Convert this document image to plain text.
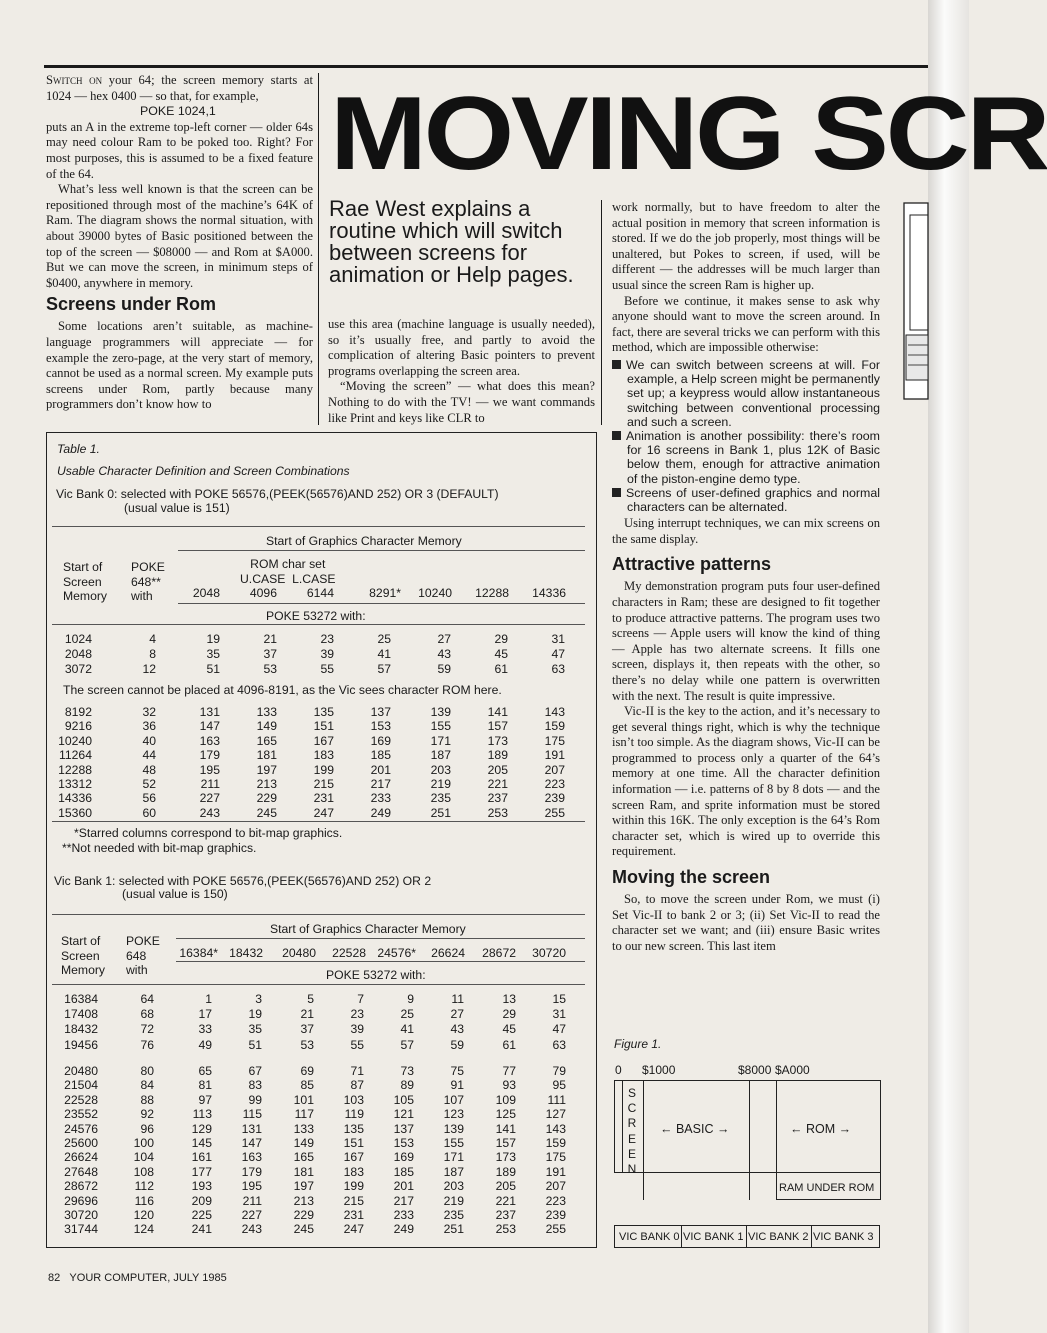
MOVING SCR

Switch on your 64; the screen memory starts at 1024 — hex 0400 — so that, for example,

POKE 1024,1

puts an A in the extreme top-left corner — older 64s may need colour Ram to be poked too. Right? For most purposes, this is assumed to be a fixed feature of the 64.

What’s less well known is that the screen can be repositioned through most of the machine’s 64K of Ram. The diagram shows the normal situation, with about 39000 bytes of Basic positioned between the top of the screen — $08000 — and Rom at $A000. But we can move the screen, in minimum steps of $0400, anywhere in memory.

Screens under Rom

Some locations aren’t suitable, as machine-language programmers will appreciate — for example the zero-page, at the very start of memory, cannot be used as a normal screen. My example puts screens under Rom, partly because many programmers don’t know how to

Rae West explains a routine which will switch between screens for animation or Help pages.

use this area (machine language is usually needed), so it’s usually free, and partly to avoid the complication of altering Basic pointers to prevent programs overlapping the screen area.

“Moving the screen” — what does this mean? Nothing to do with the TV! — we want commands like Print and keys like CLR to

work normally, but to have freedom to alter the actual position in memory that screen information is stored. If we do the job properly, most things will be unaltered, but Pokes to screen, if used, will be different — the addresses will be much larger than usual since the screen Ram is higher up.

Before we continue, it makes sense to ask why anyone should want to move the screen around. In fact, there are several tricks we can perform with this method, which are impossible otherwise:

We can switch between screens at will. For example, a Help screen might be permanently set up; a keypress would allow instantaneous switching between conventional processing and such a screen.
Animation is another possibility: there’s room for 16 screens in Bank 1, plus 12K of Basic below them, enough for attractive animation of the piston-engine demo type.
Screens of user-defined graphics and normal characters can be alternated.

Using interrupt techniques, we can mix screens on the same display.

Attractive patterns

My demonstration program puts four user-defined characters in Ram; these are designed to fit together to produce attractive patterns. The program uses two screens — Apple users will know the kind of thing — Apple has two alternate screens. It fills one screen, displays it, then repeats with the other, so there’s no delay while one pattern is overwritten with the next. The result is quite impressive.

Vic-II is the key to the action, and it’s necessary to get several things right, which is why the technique isn’t too simple. As the diagram shows, Vic-II can be programmed to process only a quarter of the 64’s memory at one time. All the character definition information — i.e. patterns of 8 by 8 dots — and the screen Ram, and sprite information must be stored within this 16K. The only exception is the 64’s Rom character set, which is wired up to override this requirement.

Moving the screen

So, to move the screen under Rom, we must (i) Set Vic-II to bank 2 or 3; (ii) Set Vic-II to read the character set we want; and (iii) ensure Basic writes to our new screen. This last item

Table 1.
Usable Character Definition and Screen Combinations
Vic Bank 0: selected with POKE 56576,(PEEK(56576)AND 252) OR 3 (DEFAULT)
(usual value is 151)
Start of Graphics Character Memory
Start of
Screen
Memory
POKE
648**
with
ROM char set
U.CASE  L.CASE
2048 4096 6144	8291* 10240 12288 14336
POKE 53272 with:
1024	4	19	21	23	25	27	29	31
2048	8	35	37	39	41	43	45	47
3072	12	51	53	55	57	59	61	63
The screen cannot be placed at 4096-8191, as the Vic sees character ROM here.
8192	32	131	133	135	137	139	141	143
9216	36	147	149	151	153	155	157	159
10240	40	163	165	167	169	171	173	175
11264	44	179	181	183	185	187	189	191
12288	48	195	197	199	201	203	205	207
13312	52	211	213	215	217	219	221	223
14336	56	227	229	231	233	235	237	239
15360	60	243	245	247	249	251	253	255
*Starred columns correspond to bit-map graphics.
**Not needed with bit-map graphics.
Vic Bank 1: selected with POKE 56576,(PEEK(56576)AND 252) OR 2
(usual value is 150)
Start of Graphics Character Memory
Start of
Screen
Memory
POKE
648
with
16384* 18432 20480 22528 24576* 26624 28672 30720
POKE 53272 with:
16384	64	1	3	5	7	9	11	13	15
17408	68	17	19	21	23	25	27	29	31
18432	72	33	35	37	39	41	43	45	47
19456	76	49	51	53	55	57	59	61	63
20480	80	65	67	69	71	73	75	77	79
21504	84	81	83	85	87	89	91	93	95
22528	88	97	99	101 103 105 107	109	111
23552	92	113	115	117	119 121 123	125 127
24576	96	129 131	133 135 137 139	141 143
25600	100	145 147	149 151 153 155	157 159
26624	104	161 163	165 167 169 171	173 175
27648	108	177 179	181 183 185 187	189 191
28672	112	193 195	197 199 201 203	205 207
29696	116	209	211	213 215 217 219	221 223
30720	120	225 227	229 231 233 235	237 239
31744	124	241 243	245 247 249 251	253 255
Figure 1.
0 $1000	$8000 $A000
S
C
R
E
E
N
← BASIC →	← ROM →
RAM UNDER ROM
VIC BANK 0 VIC BANK 1 VIC BANK 2 VIC BANK 3
82 YOUR COMPUTER, JULY 1985
